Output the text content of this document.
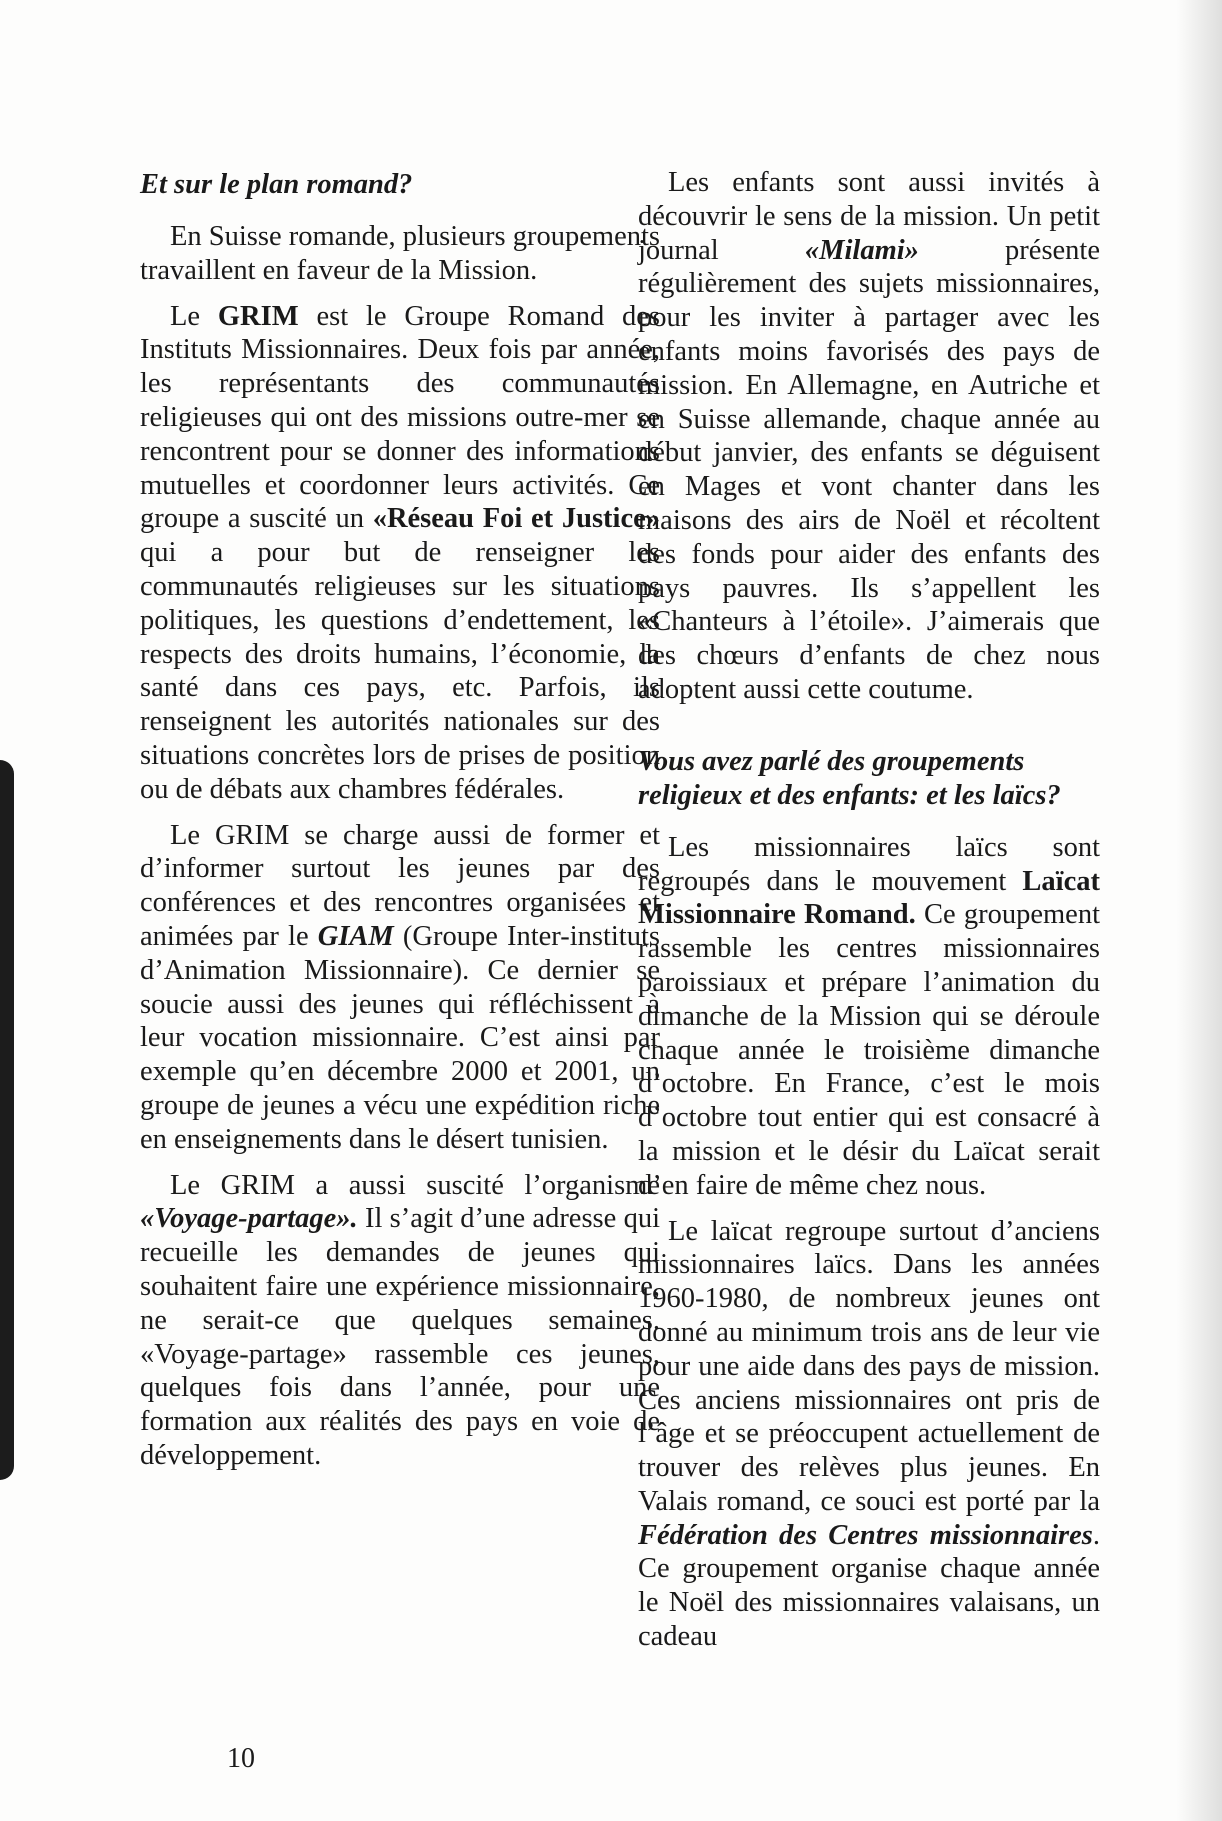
Et sur le plan romand?

En Suisse romande, plusieurs groupements travaillent en faveur de la Mission.

Le GRIM est le Groupe Romand des Instituts Missionnaires. Deux fois par année, les représentants des communautés religieuses qui ont des missions outre-mer se rencontrent pour se donner des informations mutuelles et coordonner leurs activités. Ce groupe a suscité un «Réseau Foi et Justice» qui a pour but de renseigner les communautés religieuses sur les situations politiques, les questions d’endettement, les respects des droits humains, l’économie, la santé dans ces pays, etc. Parfois, ils renseignent les autorités nationales sur des situations concrètes lors de prises de position ou de débats aux chambres fédérales.

Le GRIM se charge aussi de former et d’informer surtout les jeunes par des conférences et des rencontres organisées et animées par le GIAM (Groupe Inter-instituts d’Animation Missionnaire). Ce dernier se soucie aussi des jeunes qui réfléchissent à leur vocation missionnaire. C’est ainsi par exemple qu’en décembre 2000 et 2001, un groupe de jeunes a vécu une expédition riche en enseignements dans le désert tunisien.

Le GRIM a aussi suscité l’organisme «Voyage-partage». Il s’agit d’une adresse qui recueille les demandes de jeunes qui souhaitent faire une expérience missionnaire, ne serait-ce que quelques semaines. «Voyage-partage» rassemble ces jeunes, quelques fois dans l’année, pour une formation aux réalités des pays en voie de développement.

Les enfants sont aussi invités à découvrir le sens de la mission. Un petit journal «Milami» présente régulièrement des sujets missionnaires, pour les inviter à partager avec les enfants moins favorisés des pays de mission. En Allemagne, en Autriche et en Suisse allemande, chaque année au début janvier, des enfants se déguisent en Mages et vont chanter dans les maisons des airs de Noël et récoltent des fonds pour aider des enfants des pays pauvres. Ils s’appellent les «Chanteurs à l’étoile». J’aimerais que des chœurs d’enfants de chez nous adoptent aussi cette coutume.

Vous avez parlé des groupements religieux et des enfants: et les laïcs?

Les missionnaires laïcs sont regroupés dans le mouvement Laïcat Missionnaire Romand. Ce groupement rassemble les centres missionnaires paroissiaux et prépare l’animation du dimanche de la Mission qui se déroule chaque année le troisième dimanche d’octobre. En France, c’est le mois d’octobre tout entier qui est consacré à la mission et le désir du Laïcat serait d’en faire de même chez nous.

Le laïcat regroupe surtout d’anciens missionnaires laïcs. Dans les années 1960-1980, de nombreux jeunes ont donné au minimum trois ans de leur vie pour une aide dans des pays de mission. Ces anciens missionnaires ont pris de l’âge et se préoccupent actuellement de trouver des relèves plus jeunes. En Valais romand, ce souci est porté par la Fédération des Centres missionnaires. Ce groupement organise chaque année le Noël des missionnaires valaisans, un cadeau

10
